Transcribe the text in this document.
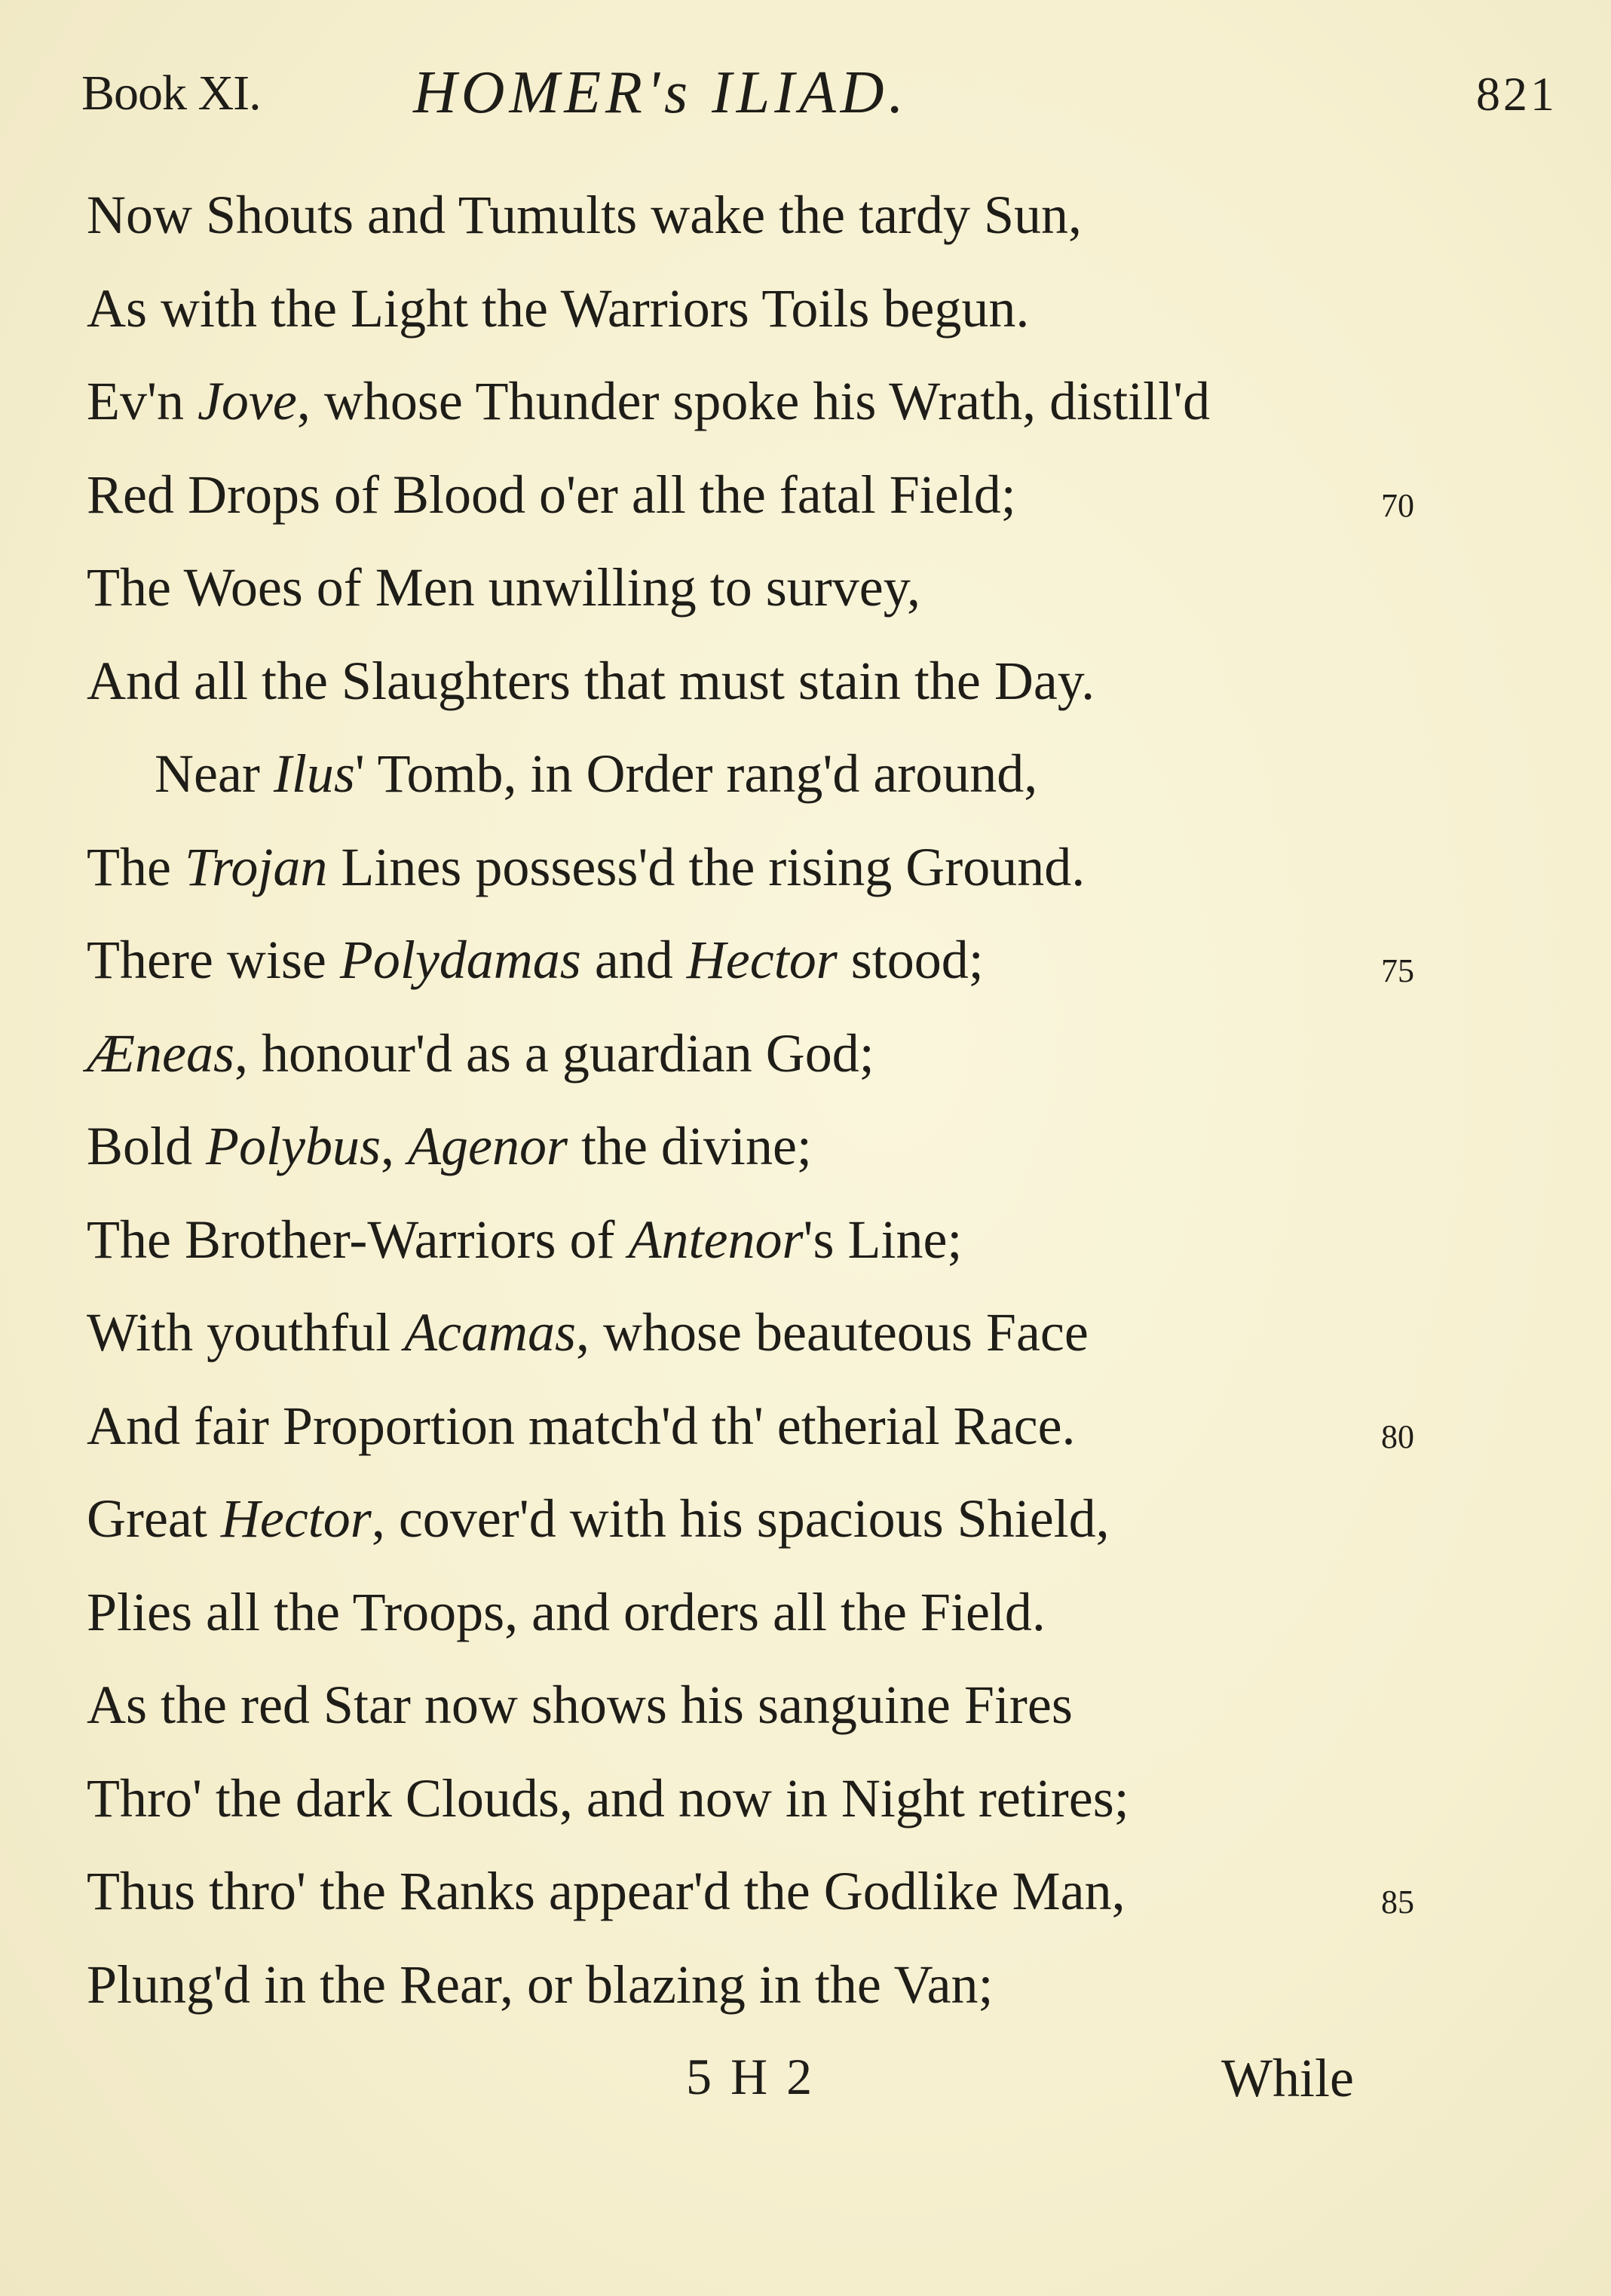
Book XI.	HOMER's ILIAD.	821
Now Shouts and Tumults wake the tardy Sun,
As with the Light the Warriors Toils begun.
Ev'n Jove, whose Thunder spoke his Wrath, distill'd
Red Drops of Blood o'er all the fatal Field;	70
The Woes of Men unwilling to survey,
And all the Slaughters that must stain the Day.
Near Ilus' Tomb, in Order rang'd around,
The Trojan Lines possess'd the rising Ground.
There wise Polydamas and Hector stood;	75
Æneas, honour'd as a guardian God;
Bold Polybus, Agenor the divine;
The Brother-Warriors of Antenor's Line;
With youthful Acamas, whose beauteous Face
And fair Proportion match'd th' etherial Race.	80
Great Hector, cover'd with his spacious Shield,
Plies all the Troops, and orders all the Field.
As the red Star now shows his sanguine Fires
Thro' the dark Clouds, and now in Night retires;
Thus thro' the Ranks appear'd the Godlike Man,	85
Plung'd in the Rear, or blazing in the Van;
5 H 2	While
